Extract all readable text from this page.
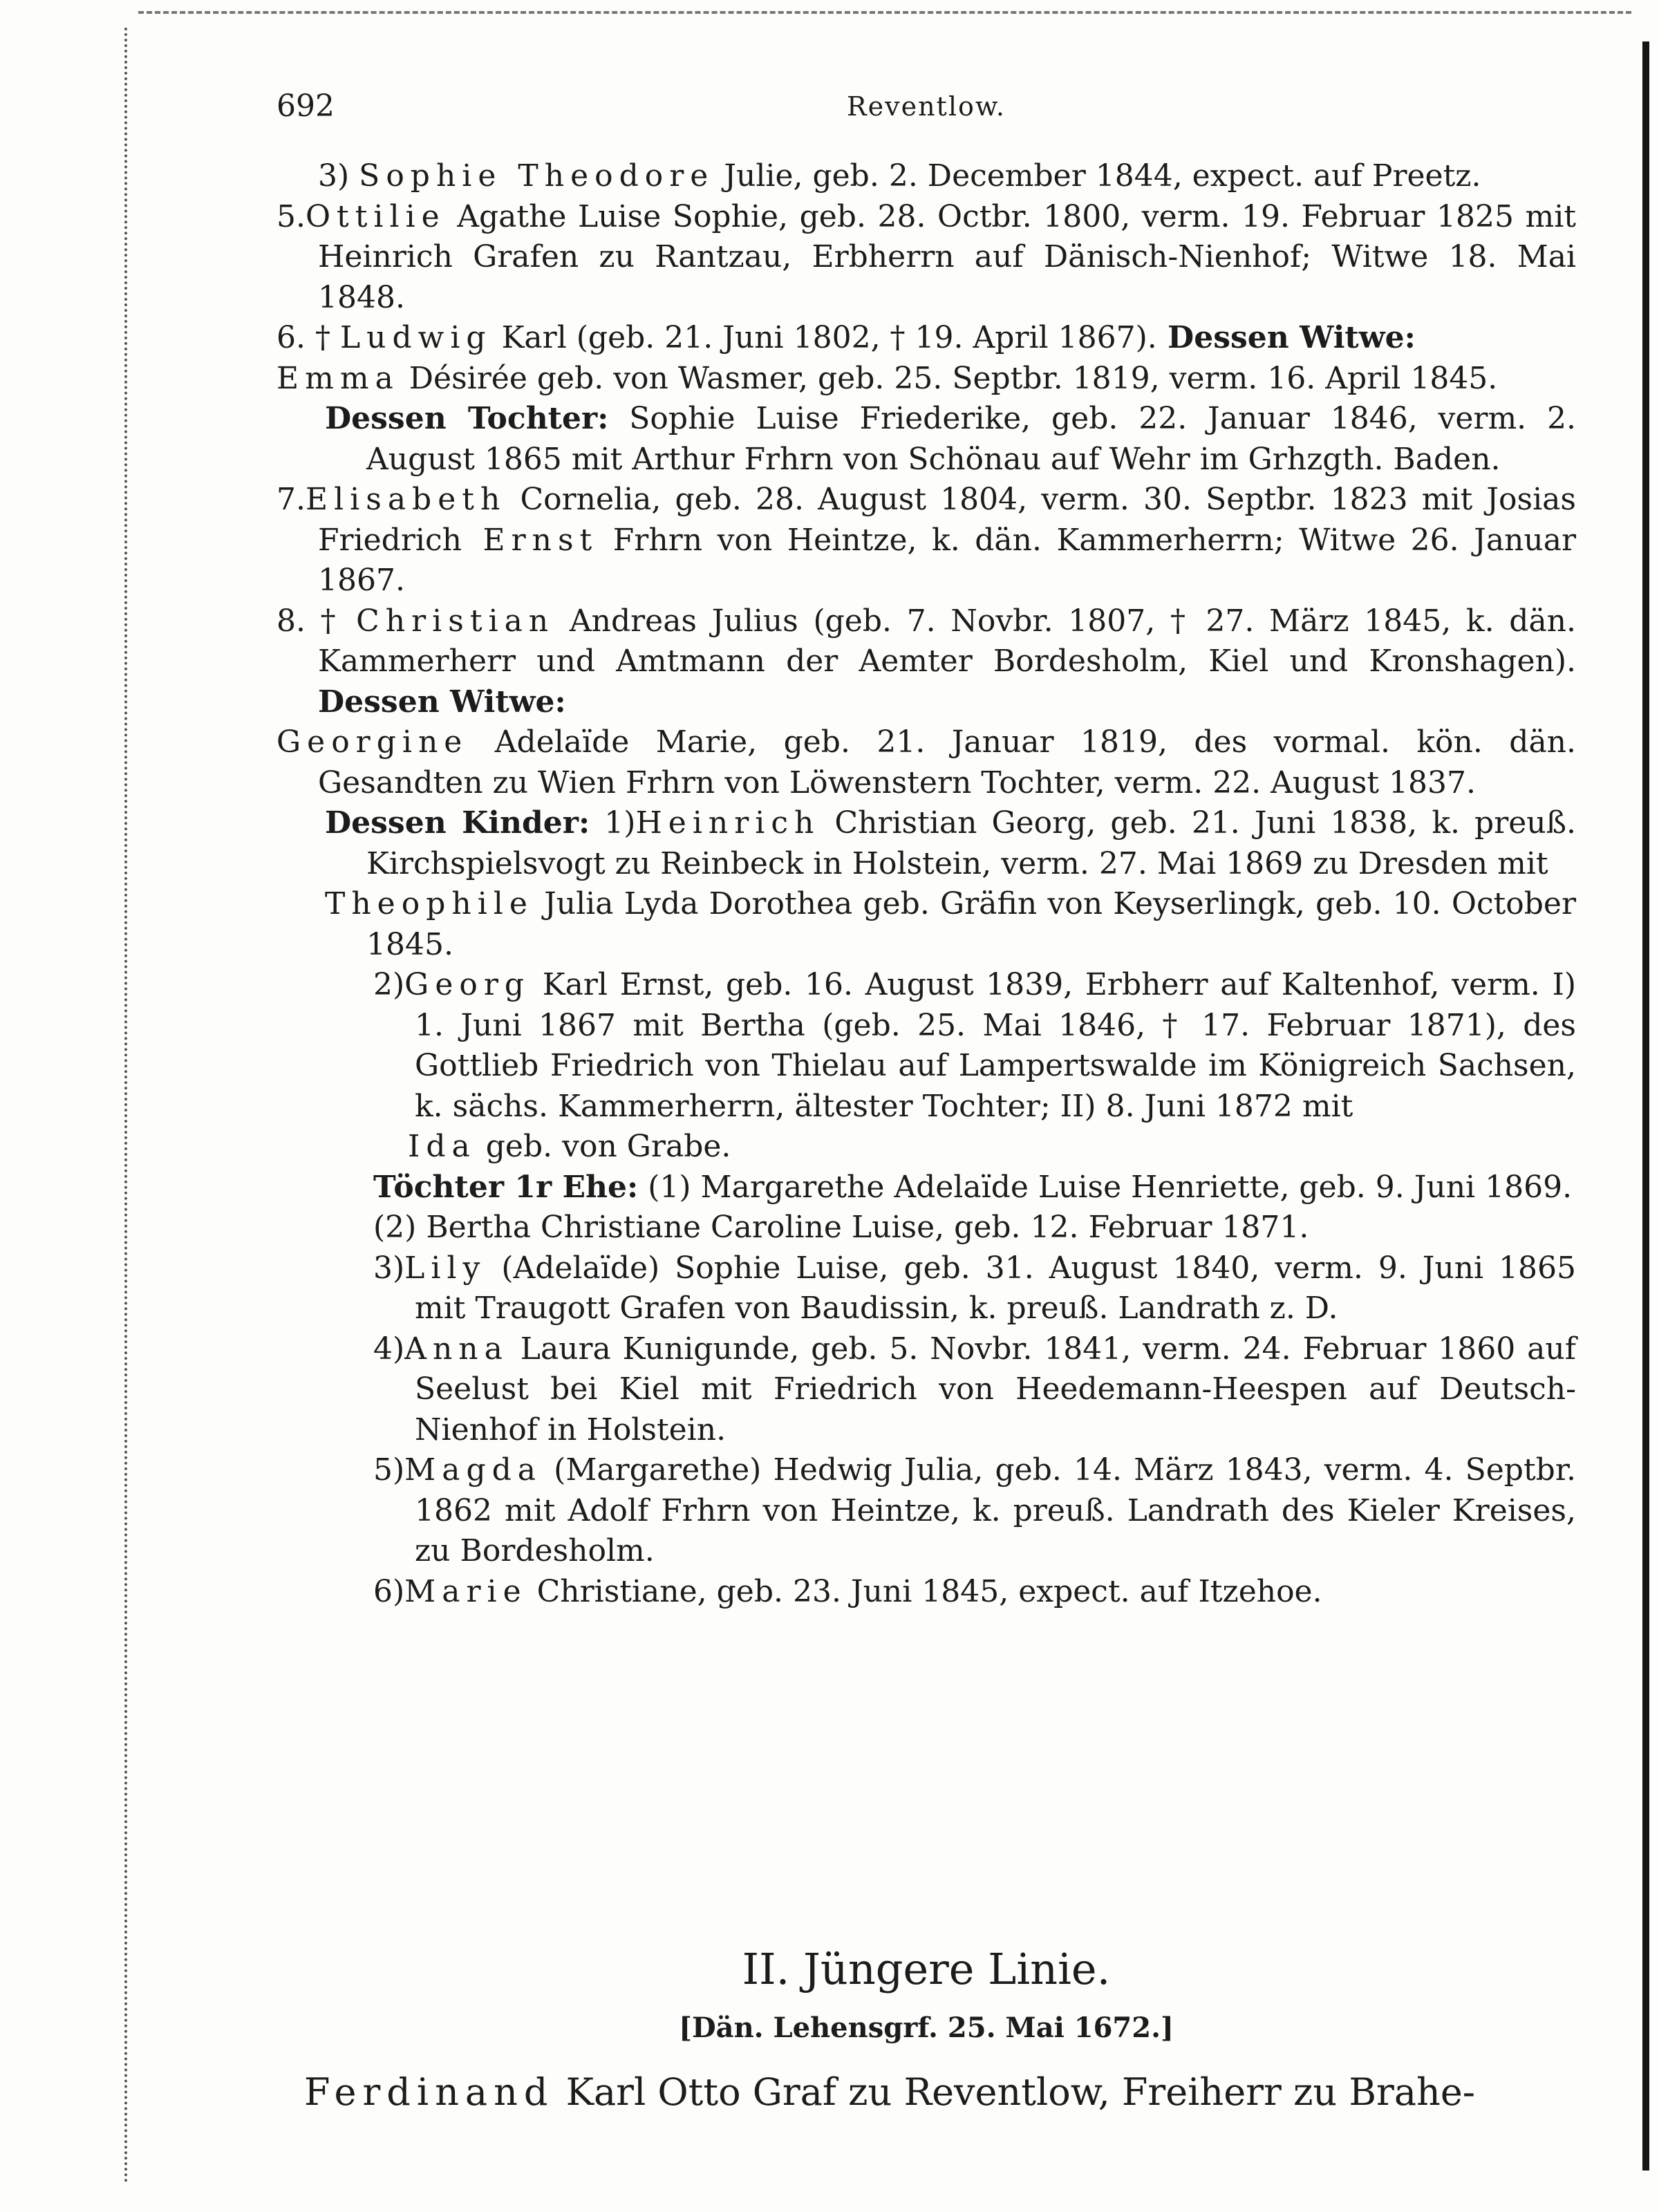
692	Reventlow.

3) Sophie Theodore Julie, geb. 2. December 1844, expect. auf Preetz.

5.Ottilie Agathe Luise Sophie, geb. 28. Octbr. 1800, verm. 19. Februar 1825 mit Heinrich Grafen zu Rantzau, Erbherrn auf Dänisch-Nienhof; Witwe 18. Mai 1848.

6. † Ludwig Karl (geb. 21. Juni 1802, † 19. April 1867). Dessen Witwe:

Emma Désirée geb. von Wasmer, geb. 25. Septbr. 1819, verm. 16. April 1845.

Dessen Tochter: Sophie Luise Friederike, geb. 22. Januar 1846, verm. 2. August 1865 mit Arthur Frhrn von Schönau auf Wehr im Grhzgth. Baden.

7.Elisabeth Cornelia, geb. 28. August 1804, verm. 30. Septbr. 1823 mit Josias Friedrich Ernst Frhrn von Heintze, k. dän. Kammerherrn; Witwe 26. Januar 1867.

8. † Christian Andreas Julius (geb. 7. Novbr. 1807, † 27. März 1845, k. dän. Kammerherr und Amtmann der Aemter Bordesholm, Kiel und Kronshagen). Dessen Witwe:

Georgine Adelaïde Marie, geb. 21. Januar 1819, des vormal. kön. dän. Gesandten zu Wien Frhrn von Löwenstern Tochter, verm. 22. August 1837.

Dessen Kinder: 1)Heinrich Christian Georg, geb. 21. Juni 1838, k. preuß. Kirchspielsvogt zu Reinbeck in Holstein, verm. 27. Mai 1869 zu Dresden mit

Theophile Julia Lyda Dorothea geb. Gräfin von Keyserlingk, geb. 10. October 1845.

2)Georg Karl Ernst, geb. 16. August 1839, Erbherr auf Kaltenhof, verm. I) 1. Juni 1867 mit Bertha (geb. 25. Mai 1846, † 17. Februar 1871), des Gottlieb Friedrich von Thielau auf Lampertswalde im Königreich Sachsen, k. sächs. Kammerherrn, ältester Tochter; II) 8. Juni 1872 mit

Ida geb. von Grabe.

Töchter 1r Ehe: (1) Margarethe Adelaïde Luise Henriette, geb. 9. Juni 1869.

(2) Bertha Christiane Caroline Luise, geb. 12. Februar 1871.

3)Lily (Adelaïde) Sophie Luise, geb. 31. August 1840, verm. 9. Juni 1865 mit Traugott Grafen von Baudissin, k. preuß. Landrath z. D.

4)Anna Laura Kunigunde, geb. 5. Novbr. 1841, verm. 24. Februar 1860 auf Seelust bei Kiel mit Friedrich von Heedemann-Heespen auf Deutsch-Nienhof in Holstein.

5)Magda (Margarethe) Hedwig Julia, geb. 14. März 1843, verm. 4. Septbr. 1862 mit Adolf Frhrn von Heintze, k. preuß. Landrath des Kieler Kreises, zu Bordesholm.

6)Marie Christiane, geb. 23. Juni 1845, expect. auf Itzehoe.

II. Jüngere Linie.
[Dän. Lehensgrf. 25. Mai 1672.]
Ferdinand Karl Otto Graf zu Reventlow, Freiherr zu Brahe-
